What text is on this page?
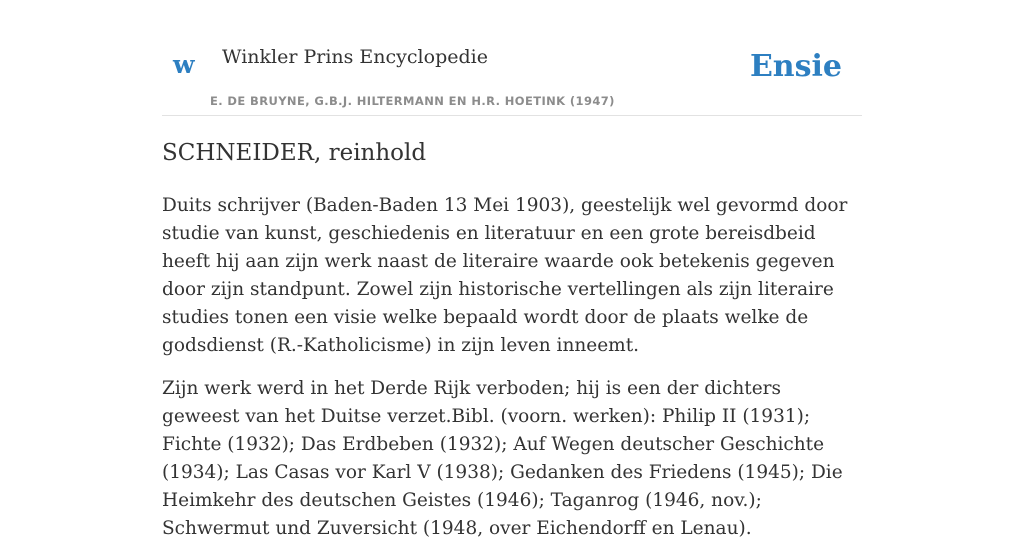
w Winkler Prins Encyclopedie
E. DE BRUYNE, G.B.J. HILTERMANN EN H.R. HOETINK (1947)
Ensie
SCHNEIDER, reinhold

Duits schrijver (Baden-Baden 13 Mei 1903), geestelijk wel gevormd door studie van kunst, geschiedenis en literatuur en een grote bereisdbeid heeft hij aan zijn werk naast de literaire waarde ook betekenis gegeven door zijn standpunt. Zowel zijn historische vertellingen als zijn literaire studies tonen een visie welke bepaald wordt door de plaats welke de godsdienst (R.-Katholicisme) in zijn leven inneemt.

Zijn werk werd in het Derde Rijk verboden; hij is een der dichters geweest van het Duitse verzet.Bibl. (voorn. werken): Philip II (1931); Fichte (1932); Das Erdbeben (1932); Auf Wegen deutscher Geschichte (1934); Las Casas vor Karl V (1938); Gedanken des Friedens (1945); Die Heimkehr des deutschen Geistes (1946); Taganrog (1946, nov.); Schwermut und Zuversicht (1948, over Eichendorff en Lenau).
